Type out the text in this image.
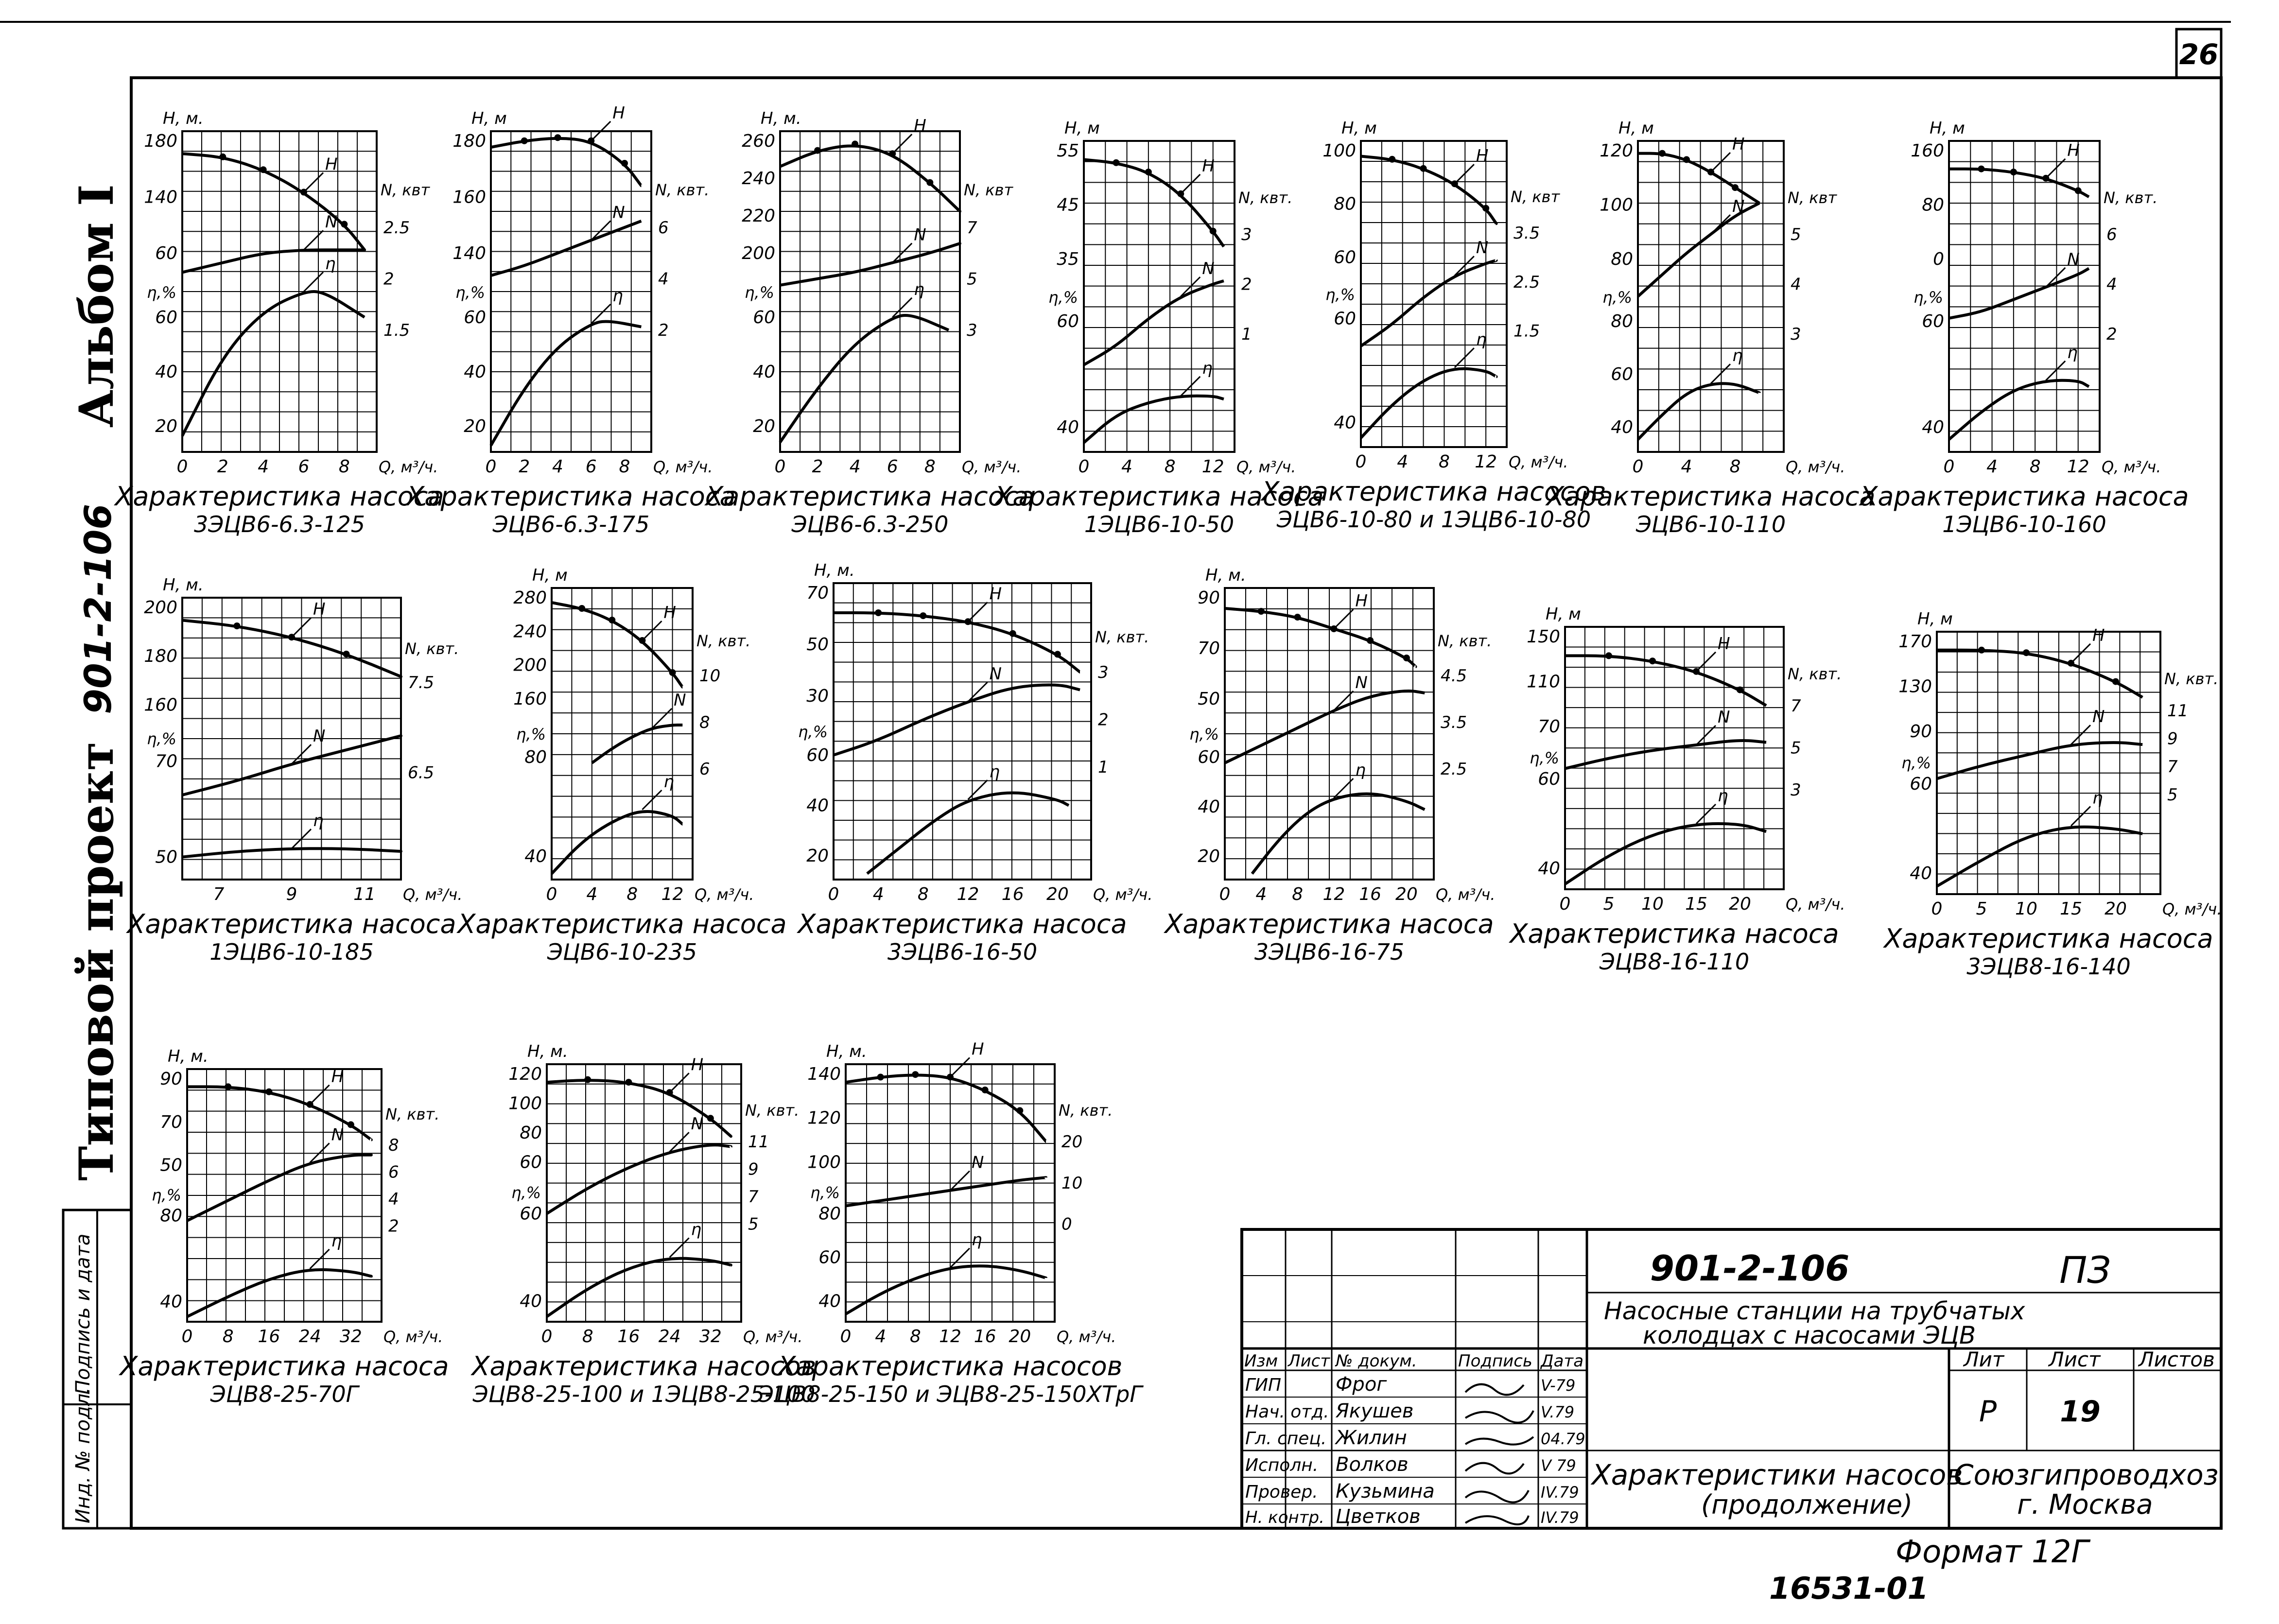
26
Альбом I
Типовой проект
901-2-106
Подпись и дата
Инд. № подл.
Н, м.
180
140
60
η,%
60
40
20
N, квт
2.5
2
1.5
0 2 4 6 8 Q, м³/ч.
Н
N
η
Характеристика насоса
3ЭЦВ6-6.3-125
Н, м
180
160
140
η,%
60
40
20
N, квт.
6
4
2
0 2 4 6 8 Q, м³/ч.
Н
N
η
Характеристика насоса
ЭЦВ6-6.3-175
Н, м.
260
240
220
200
η,%
60
40
20
N, квт
7
5
3
0 2 4 6 8 Q, м³/ч.
Н
N
η
Характеристика насоса
ЭЦВ6-6.3-250
Н, м
55
45
35
η,%
60
40
N, квт.
3
2
1
0 4 8 12 Q, м³/ч.
Н
N
η
Характеристика насоса
1ЭЦВ6-10-50
Н, м
100
80
60
η,%
60
40
N, квт
3.5
2.5
1.5
0 4 8 12 Q, м³/ч.
Н
N
η
Характеристика насосов
ЭЦВ6-10-80 и 1ЭЦВ6-10-80
Н, м
120
100
80
η,%
80
60
40
N, квт
5
4
3
0 4 8	Q, м³/ч.
Н
N
η
Характеристика насоса
ЭЦВ6-10-110
Н, м
160
80
0
η,%
60
40
N, квт.
6
4
2
0 4 8 12 Q, м³/ч.
Н
N
η
Характеристика насоса
1ЭЦВ6-10-160
Н, м.
200
180
160
η,%
70
50
N, квт.
7.5
6.5
7	9	11 Q, м³/ч.
Н
N
η
Характеристика насоса
1ЭЦВ6-10-185
Н, м
280
240
200
160
η,%
80
40
N, квт.
10
8
6
0 4 8 12 Q, м³/ч.
Н
N
η
Характеристика насоса
ЭЦВ6-10-235
Н, м.
70
50
30
η,%
60
40
20
N, квт.
3
2
1
0 4 8 12 16 20 Q, м³/ч.
Н
N
η
Характеристика насоса
3ЭЦВ6-16-50
Н, м.
90
70
50
η,%
60
40
20
N, квт.
4.5
3.5
2.5
0 4 8 12 16 20 Q, м³/ч.
Н
N
η
Характеристика насоса
3ЭЦВ6-16-75
Н, м
150
110
70
η,%
60
40
N, квт.
7
5
3
0 5 10 15 20 Q, м³/ч.
Н
N
η
Характеристика насоса
ЭЦВ8-16-110
Н, м
170
130
90
η,%
60
40
N, квт.
11
9
7
5
0 5 10 15 20 Q, м³/ч.
Н
N
η
Характеристика насоса
3ЭЦВ8-16-140
Н, м.
90
70
50
η,%
80
40
N, квт.
8
6
4
2
0 8 16 24 32 Q, м³/ч.
Н
N
η
Характеристика насоса
ЭЦВ8-25-70Г
Н, м.
120
100
80
60
η,%
60
40
N, квт.
11
9
7
5
0 8 16 24 32 Q, м³/ч.
Н
N
η
Характеристика насосов
ЭЦВ8-25-100 и 1ЭЦВ8-25-100
Н, м.
140
120
100
η,%
80
60
40
N, квт.
20
10
0
0 4 8 12 16 20 Q, м³/ч.
Н
N
η
Характеристика насосов
ЭЦВ8-25-150 и ЭЦВ8-25-150ХТрГ
901-2-106	ПЗ
Насосные станции на трубчатых
колодцах с насосами ЭЦВ
Изм Лист № докум. Подпись Дата
ГИП	Фрог	V-79
Нач. отд. Якушев	V.79
Гл. спец. Жилин	04.79
Исполн. Волков	V 79
Провер. Кузьмина	IV.79
Н. контр. Цветков	IV.79
Лит Лист Листов
Р 19
Характеристики насосов
(продолжение)
Союзгипроводхоз
г. Москва
Формат 12Г
16531-01
